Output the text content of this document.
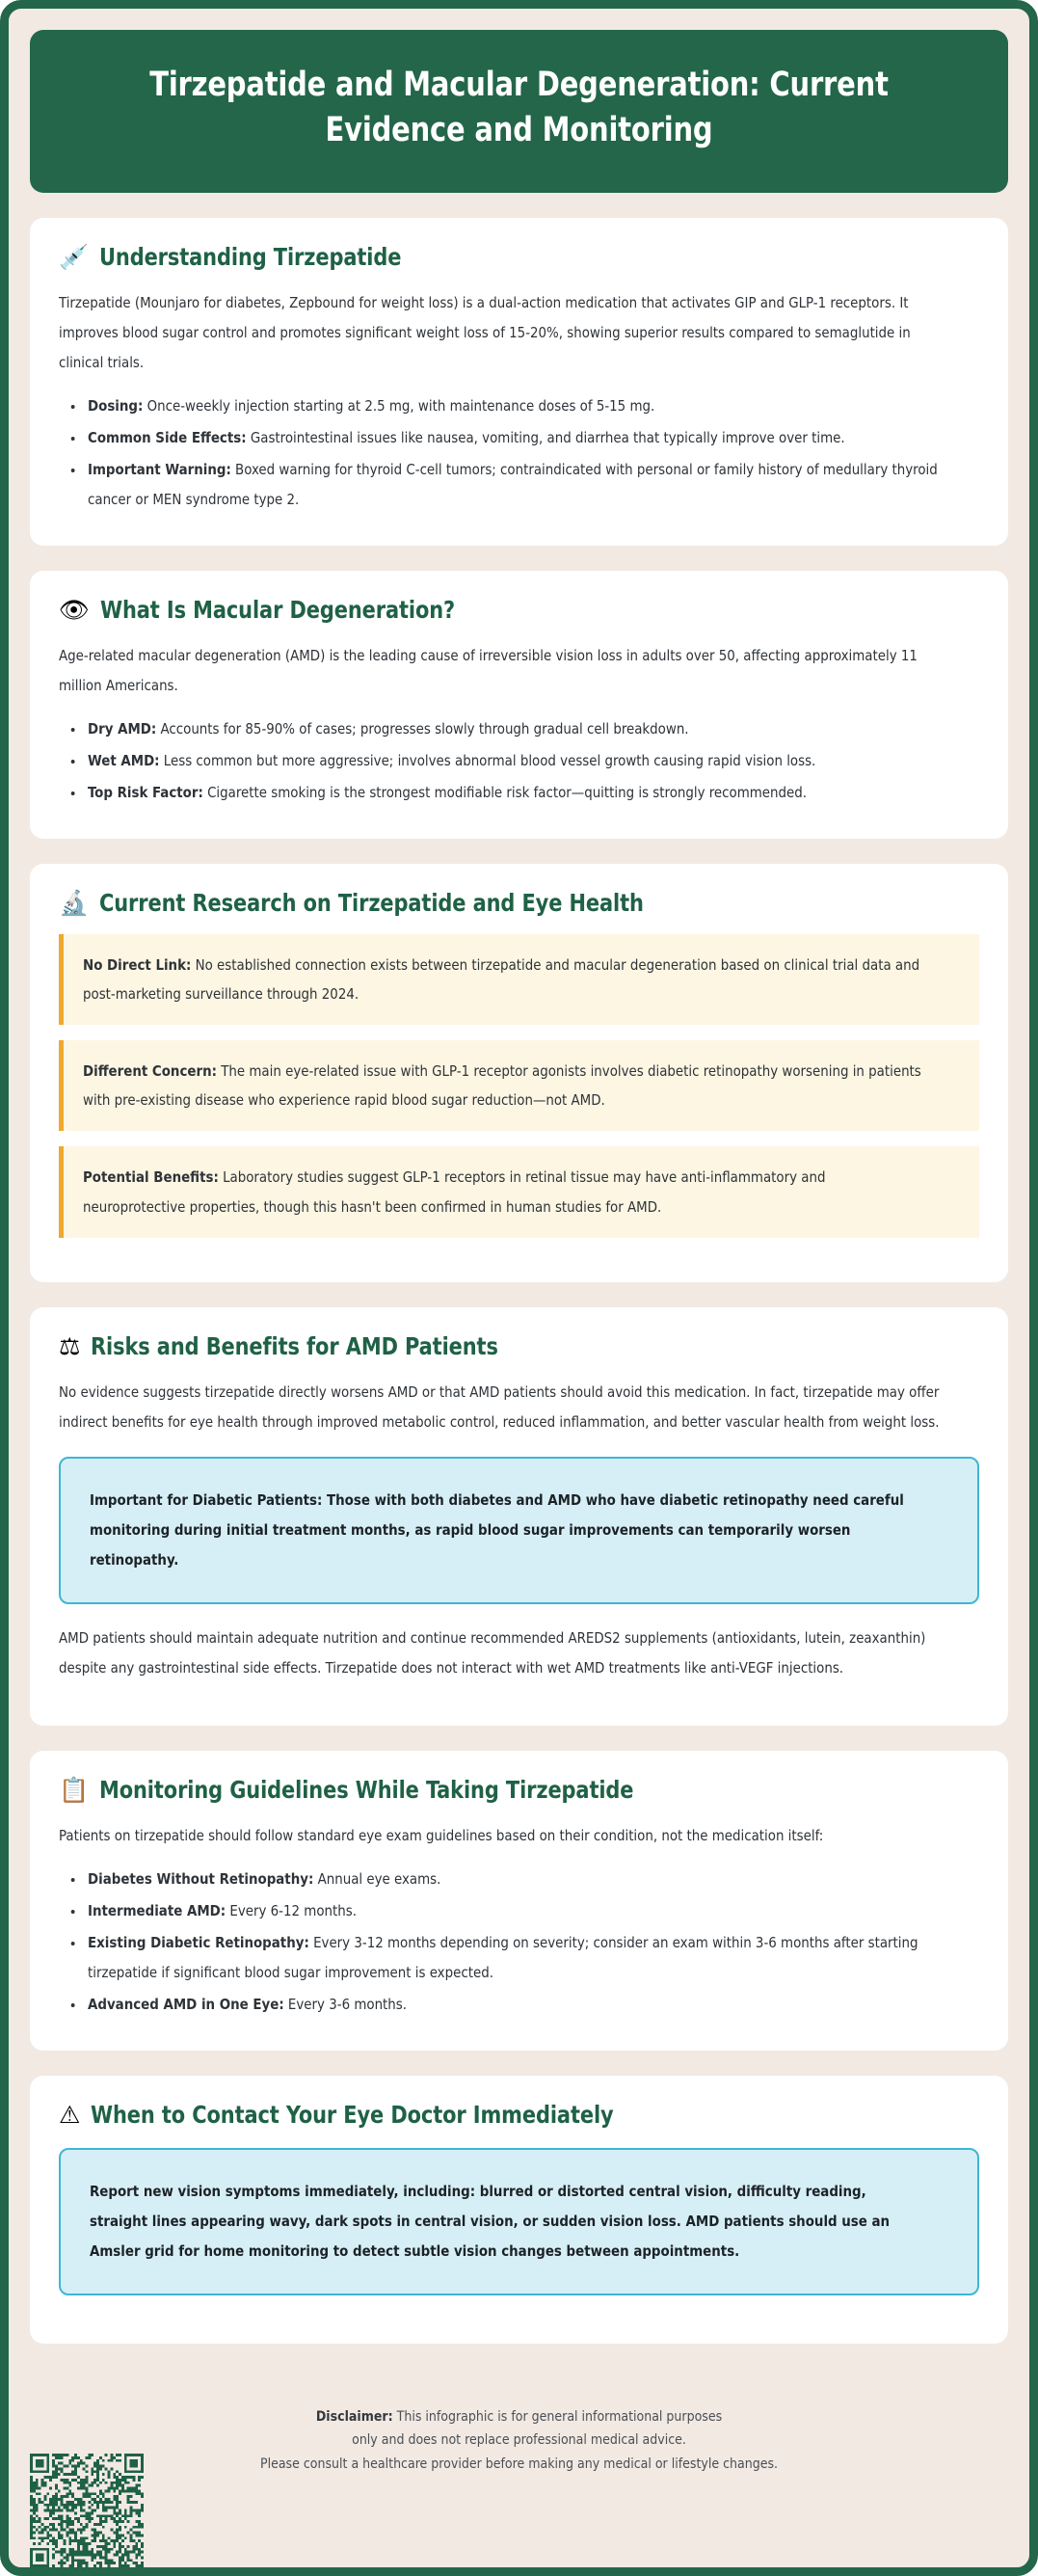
Tirzepatide and Macular Degeneration: Current Evidence and Monitoring
💉 Understanding Tirzepatide

Tirzepatide (Mounjaro for diabetes, Zepbound for weight loss) is a dual-action medication that activates GIP and GLP-1 receptors. It improves blood sugar control and promotes significant weight loss of 15-20%, showing superior results compared to semaglutide in clinical trials.

Dosing: Once-weekly injection starting at 2.5 mg, with maintenance doses of 5-15 mg.
Common Side Effects: Gastrointestinal issues like nausea, vomiting, and diarrhea that typically improve over time.
Important Warning: Boxed warning for thyroid C-cell tumors; contraindicated with personal or family history of medullary thyroid cancer or MEN syndrome type 2.
👁 What Is Macular Degeneration?

Age-related macular degeneration (AMD) is the leading cause of irreversible vision loss in adults over 50, affecting approximately 11 million Americans.

Dry AMD: Accounts for 85-90% of cases; progresses slowly through gradual cell breakdown.
Wet AMD: Less common but more aggressive; involves abnormal blood vessel growth causing rapid vision loss.
Top Risk Factor: Cigarette smoking is the strongest modifiable risk factor—quitting is strongly recommended.
🔬 Current Research on Tirzepatide and Eye Health

No Direct Link: No established connection exists between tirzepatide and macular degeneration based on clinical trial data and post-marketing surveillance through 2024.

Different Concern: The main eye-related issue with GLP-1 receptor agonists involves diabetic retinopathy worsening in patients with pre-existing disease who experience rapid blood sugar reduction—not AMD.

Potential Benefits: Laboratory studies suggest GLP-1 receptors in retinal tissue may have anti-inflammatory and neuroprotective properties, though this hasn't been confirmed in human studies for AMD.

⚖ Risks and Benefits for AMD Patients

No evidence suggests tirzepatide directly worsens AMD or that AMD patients should avoid this medication. In fact, tirzepatide may offer indirect benefits for eye health through improved metabolic control, reduced inflammation, and better vascular health from weight loss.

Important for Diabetic Patients: Those with both diabetes and AMD who have diabetic retinopathy need careful monitoring during initial treatment months, as rapid blood sugar improvements can temporarily worsen retinopathy.

AMD patients should maintain adequate nutrition and continue recommended AREDS2 supplements (antioxidants, lutein, zeaxanthin) despite any gastrointestinal side effects. Tirzepatide does not interact with wet AMD treatments like anti-VEGF injections.

📋 Monitoring Guidelines While Taking Tirzepatide

Patients on tirzepatide should follow standard eye exam guidelines based on their condition, not the medication itself:

Diabetes Without Retinopathy: Annual eye exams.
Intermediate AMD: Every 6-12 months.
Existing Diabetic Retinopathy: Every 3-12 months depending on severity; consider an exam within 3-6 months after starting tirzepatide if significant blood sugar improvement is expected.
Advanced AMD in One Eye: Every 3-6 months.
⚠ When to Contact Your Eye Doctor Immediately

Report new vision symptoms immediately, including: blurred or distorted central vision, difficulty reading, straight lines appearing wavy, dark spots in central vision, or sudden vision loss. AMD patients should use an Amsler grid for home monitoring to detect subtle vision changes between appointments.

Disclaimer: This infographic is for general informational purposes
only and does not replace professional medical advice.
Please consult a healthcare provider before making any medical or lifestyle changes.
